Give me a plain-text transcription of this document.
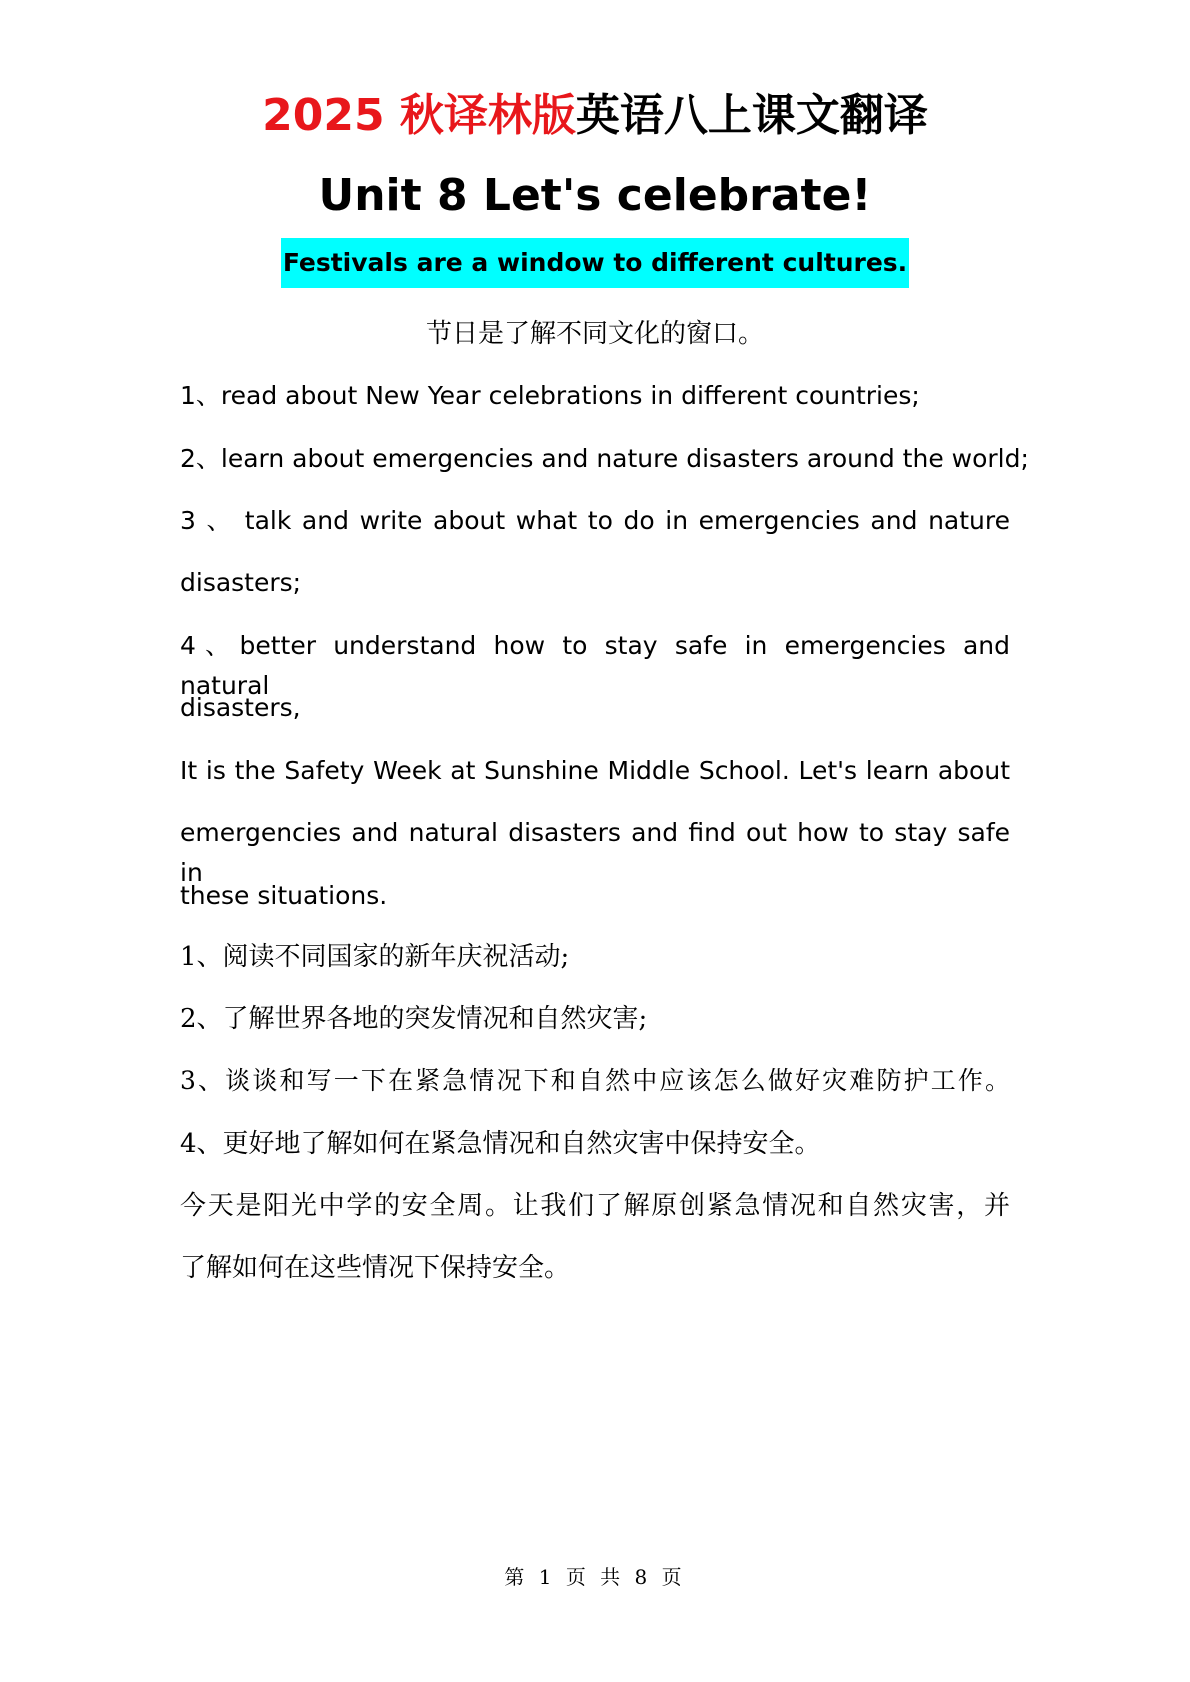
2025 秋译林版英语八上课文翻译
Unit 8 Let's celebrate!
Festivals are a window to different cultures.
节日是了解不同文化的窗口。
1、read about New Year celebrations in different countries;
2、learn about emergencies and nature disasters around the world;
3 、 talk and write about what to do in emergencies and nature
disasters;
4、better understand how to stay safe in emergencies and natural
disasters,
It is the Safety Week at Sunshine Middle School. Let's learn about
emergencies and natural disasters and find out how to stay safe in
these situations.
1、阅读不同国家的新年庆祝活动;
2、了解世界各地的突发情况和自然灾害;
3、谈谈和写一下在紧急情况下和自然中应该怎么做好灾难防护工作。
4、更好地了解如何在紧急情况和自然灾害中保持安全。
今天是阳光中学的安全周。让我们了解原创紧急情况和自然灾害，并
了解如何在这些情况下保持安全。
第 1 页 共 8 页
